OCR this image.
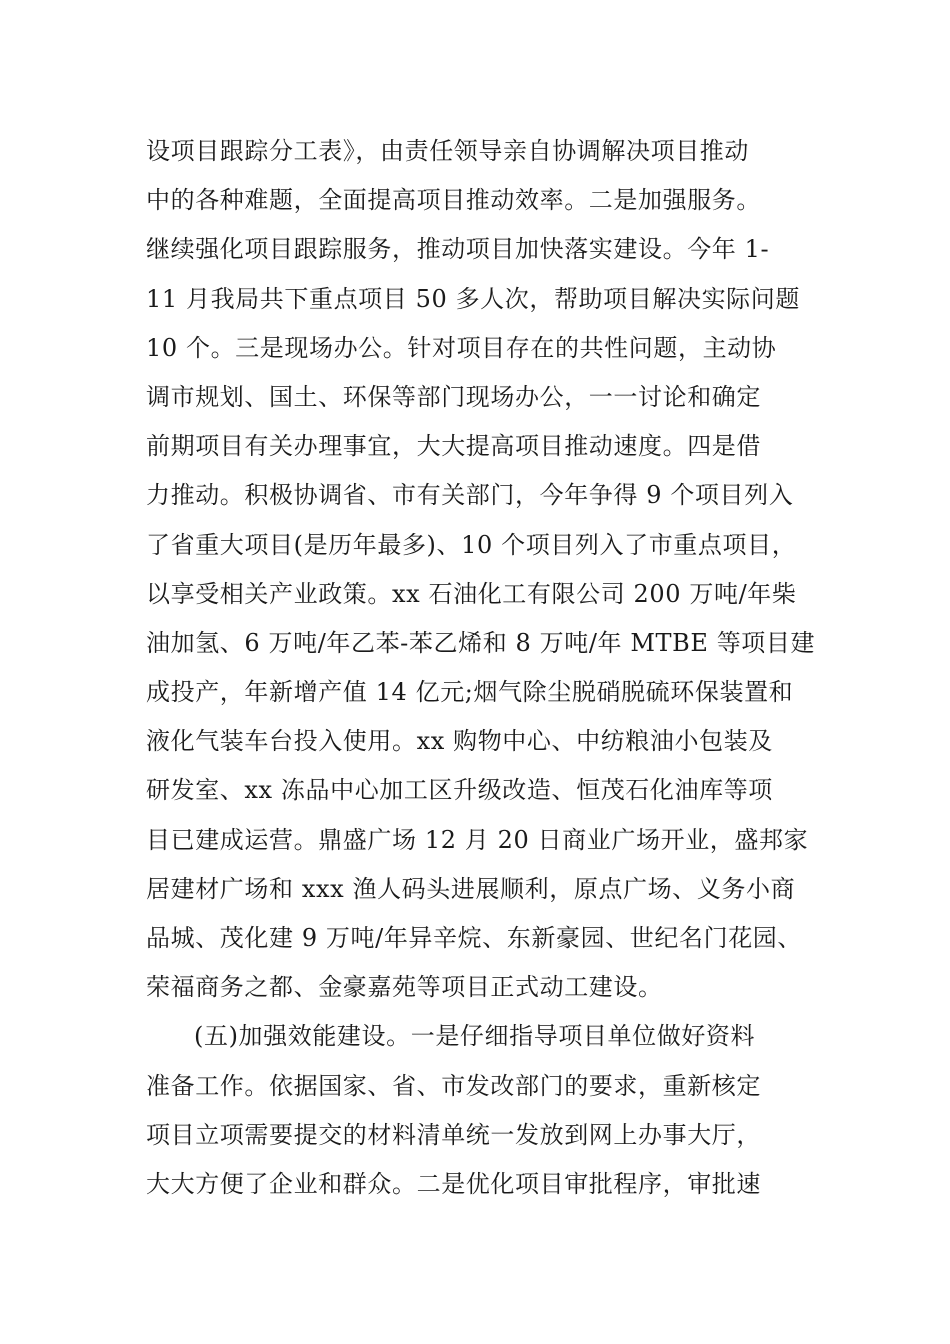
设项目跟踪分工表》，由责任领导亲自协调解决项目推动
中的各种难题，全面提高项目推动效率。二是加强服务。
继续强化项目跟踪服务，推动项目加快落实建设。今年 1-
11 月我局共下重点项目 50 多人次，帮助项目解决实际问题
10 个。三是现场办公。针对项目存在的共性问题，主动协
调市规划、国土、环保等部门现场办公，一一讨论和确定
前期项目有关办理事宜，大大提高项目推动速度。四是借
力推动。积极协调省、市有关部门，今年争得 9 个项目列入
了省重大项目(是历年最多)、10 个项目列入了市重点项目，
以享受相关产业政策。xx 石油化工有限公司 200 万吨/年柴
油加氢、6 万吨/年乙苯-苯乙烯和 8 万吨/年 MTBE 等项目建
成投产，年新增产值 14 亿元;烟气除尘脱硝脱硫环保装置和
液化气装车台投入使用。xx 购物中心、中纺粮油小包装及
研发室、xx 冻品中心加工区升级改造、恒茂石化油库等项
目已建成运营。鼎盛广场 12 月 20 日商业广场开业，盛邦家
居建材广场和 xxx 渔人码头进展顺利，原点广场、义务小商
品城、茂化建 9 万吨/年异辛烷、东新豪园、世纪名门花园、
荣福商务之都、金豪嘉苑等项目正式动工建设。
(五)加强效能建设。一是仔细指导项目单位做好资料
准备工作。依据国家、省、市发改部门的要求，重新核定
项目立项需要提交的材料清单统一发放到网上办事大厅，
大大方便了企业和群众。二是优化项目审批程序，审批速
